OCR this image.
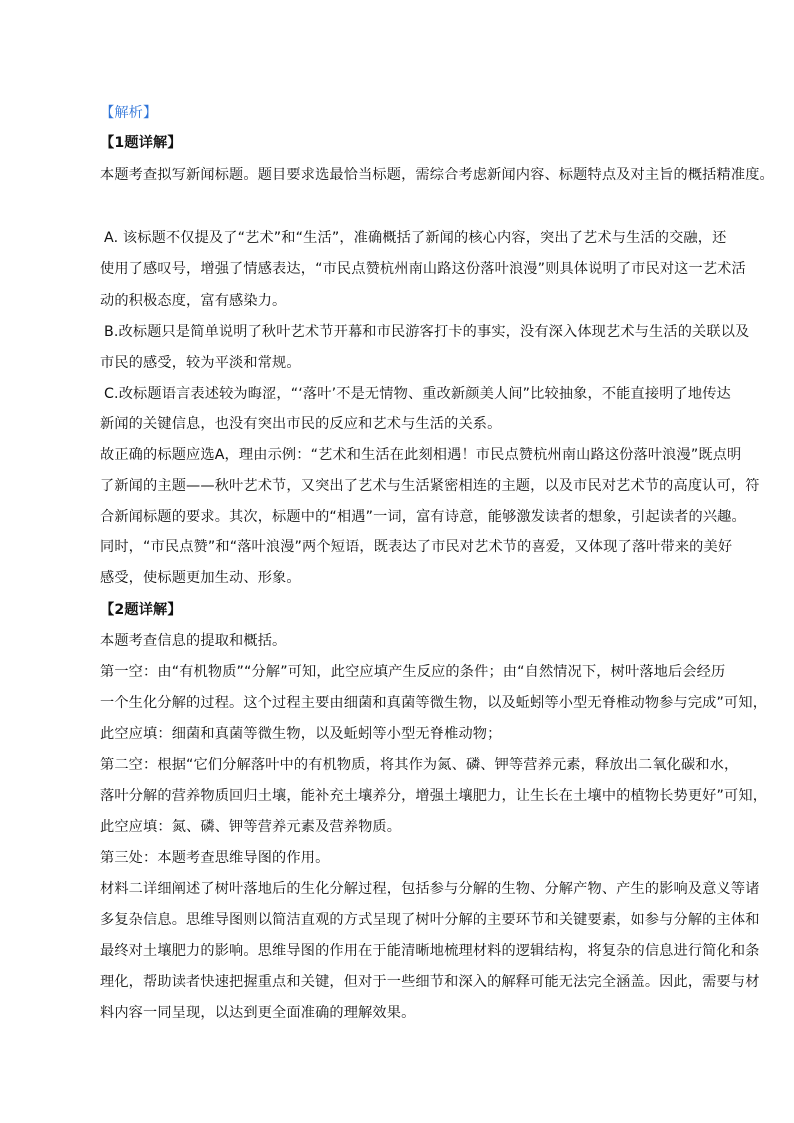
【解析】
【1题详解】
本题考查拟写新闻标题。题目要求选最恰当标题，需综合考虑新闻内容、标题特点及对主旨的概括精准度。
A. 该标题不仅提及了“艺术”和“生活”，准确概括了新闻的核心内容，突出了艺术与生活的交融，还
使用了感叹号，增强了情感表达，“市民点赞杭州南山路这份落叶浪漫”则具体说明了市民对这一艺术活
动的积极态度，富有感染力。
B.改标题只是简单说明了秋叶艺术节开幕和市民游客打卡的事实，没有深入体现艺术与生活的关联以及
市民的感受，较为平淡和常规。
C.改标题语言表述较为晦涩，“‘落叶’不是无情物、重改新颜美人间”比较抽象，不能直接明了地传达
新闻的关键信息，也没有突出市民的反应和艺术与生活的关系。
故正确的标题应选A，理由示例：“艺术和生活在此刻相遇！市民点赞杭州南山路这份落叶浪漫”既点明
了新闻的主题——秋叶艺术节，又突出了艺术与生活紧密相连的主题，以及市民对艺术节的高度认可，符
合新闻标题的要求。其次，标题中的“相遇”一词，富有诗意，能够激发读者的想象，引起读者的兴趣。
同时，“市民点赞”和“落叶浪漫”两个短语，既表达了市民对艺术节的喜爱，又体现了落叶带来的美好
感受，使标题更加生动、形象。
【2题详解】
本题考查信息的提取和概括。
第一空：由“有机物质”“分解”可知，此空应填产生反应的条件；由“自然情况下，树叶落地后会经历
一个生化分解的过程。这个过程主要由细菌和真菌等微生物，以及蚯蚓等小型无脊椎动物参与完成”可知，
此空应填：细菌和真菌等微生物，以及蚯蚓等小型无脊椎动物；
第二空：根据“它们分解落叶中的有机物质，将其作为氮、磷、钾等营养元素，释放出二氧化碳和水，
落叶分解的营养物质回归土壤，能补充土壤养分，增强土壤肥力，让生长在土壤中的植物长势更好”可知，
此空应填：氮、磷、钾等营养元素及营养物质。
第三处：本题考查思维导图的作用。
材料二详细阐述了树叶落地后的生化分解过程，包括参与分解的生物、分解产物、产生的影响及意义等诸
多复杂信息。思维导图则以简洁直观的方式呈现了树叶分解的主要环节和关键要素，如参与分解的主体和
最终对土壤肥力的影响。思维导图的作用在于能清晰地梳理材料的逻辑结构，将复杂的信息进行简化和条
理化，帮助读者快速把握重点和关键，但对于一些细节和深入的解释可能无法完全涵盖。因此，需要与材
料内容一同呈现，以达到更全面准确的理解效果。
